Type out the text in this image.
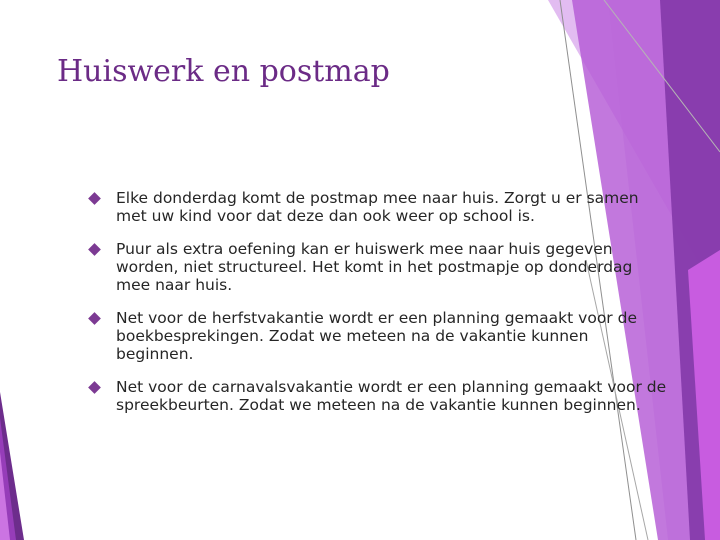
Huiswerk en postmap
Elke donderdag komt de postmap mee naar huis. Zorgt u er samen met uw kind voor dat deze dan ook weer op school is.
Puur als extra oefening kan er huiswerk mee naar huis gegeven worden, niet structureel. Het komt in het postmapje op donderdag mee naar huis.
Net voor de herfstvakantie wordt er een planning gemaakt voor de boekbesprekingen. Zodat we meteen na de vakantie kunnen beginnen.
Net voor de carnavalsvakantie wordt er een planning gemaakt voor de spreekbeurten. Zodat we meteen na de vakantie kunnen beginnen.
